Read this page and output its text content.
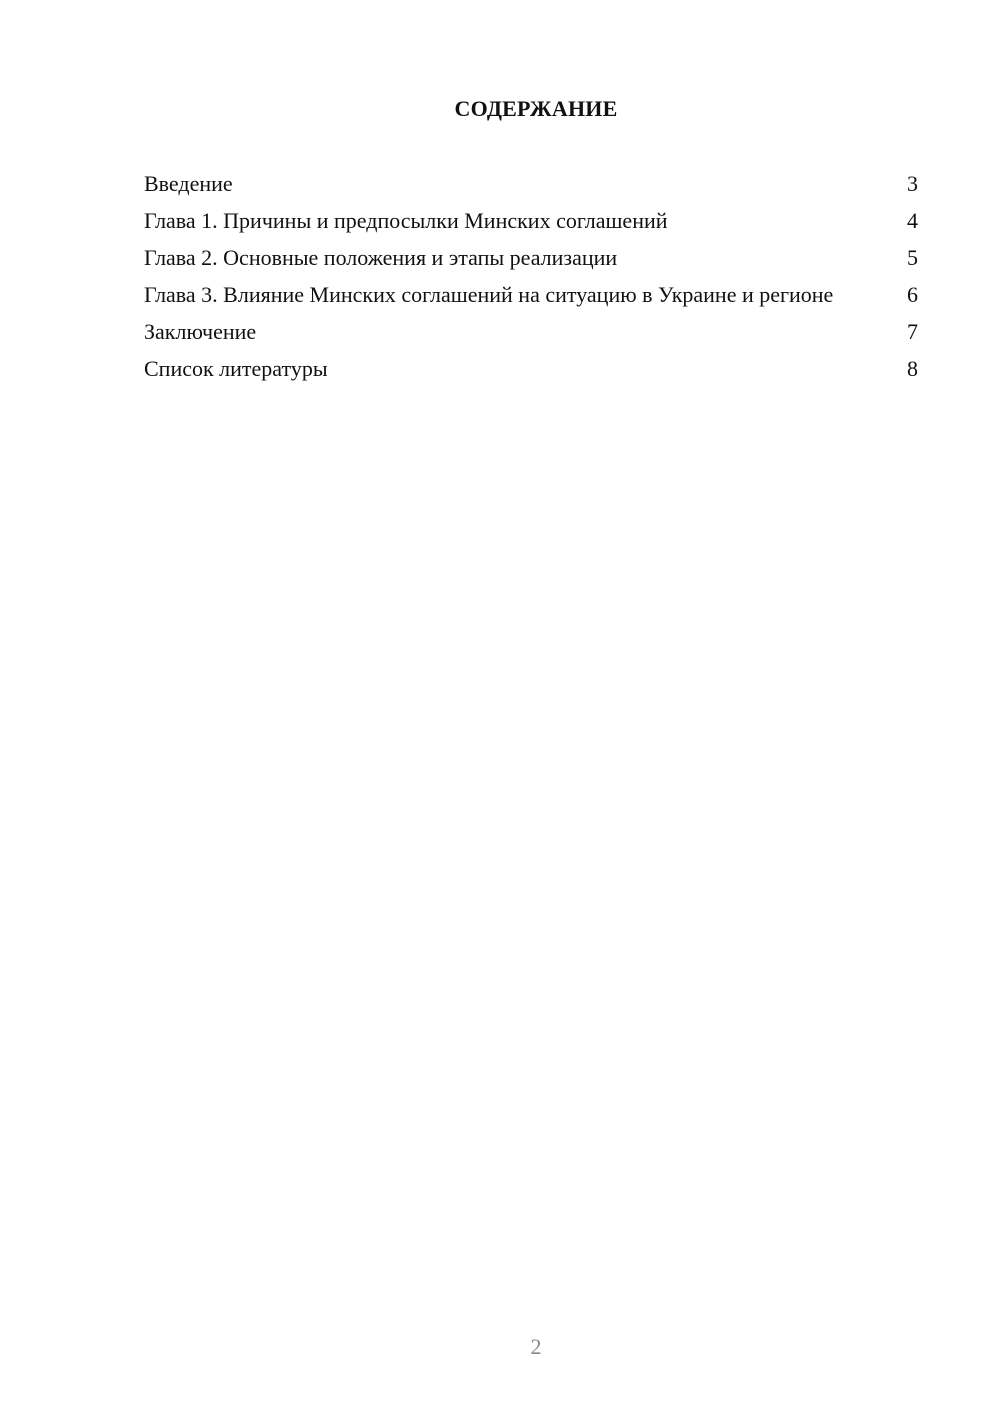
СОДЕРЖАНИЕ
Введение	3
Глава 1. Причины и предпосылки Минских соглашений	4
Глава 2. Основные положения и этапы реализации	5
Глава 3. Влияние Минских соглашений на ситуацию в Украине и регионе	6
Заключение	7
Список литературы	8
2
